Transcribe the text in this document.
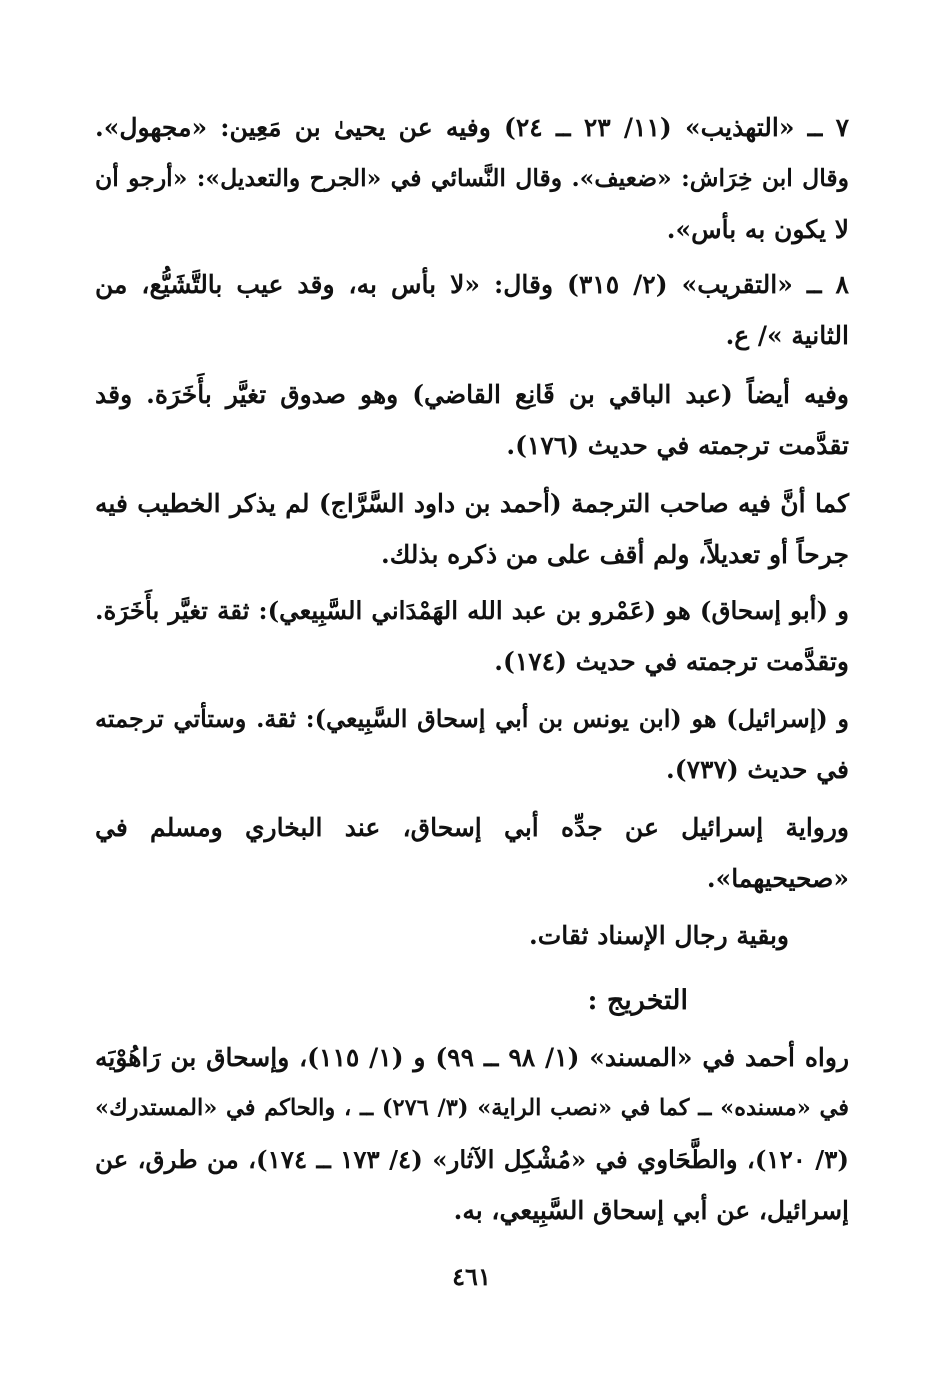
٧ ــ «التهذيب» (١١/ ٢٣ ــ ٢٤) وفيه عن يحيىٰ بن مَعِين: «مجهول».
وقال ابن خِرَاش: «ضعيف». وقال النَّسائي في «الجرح والتعديل»: «أرجو أن
لا يكون به بأس».
٨ ــ «التقريب» (٢/ ٣١٥) وقال: «لا بأس به، وقد عيب بالتَّشَيُّع، من
الثانية »/ ع.
وفيه أيضاً (عبد الباقي بن قَانِع القاضي) وهو صدوق تغيَّر بأَخَرَة. وقد
تقدَّمت ترجمته في حديث (١٧٦).
كما أنَّ فيه صاحب الترجمة (أحمد بن داود السَّرَّاج) لم يذكر الخطيب فيه
جرحاً أو تعديلاً، ولم أقف على من ذكره بذلك.
و (أبو إسحاق) هو (عَمْرو بن عبد الله الهَمْدَاني السَّبِيعي): ثقة تغيَّر بأَخَرَة.
وتقدَّمت ترجمته في حديث (١٧٤).
و (إسرائيل) هو (ابن يونس بن أبي إسحاق السَّبِيعي): ثقة. وستأتي ترجمته
في حديث (٧٣٧).
ورواية إسرائيل عن جدِّه أبي إسحاق، عند البخاري ومسلم في
«صحيحيهما».
وبقية رجال الإسناد ثقات.
التخريج :
رواه أحمد في «المسند» (١/ ٩٨ ــ ٩٩) و (١/ ١١٥)، وإسحاق بن رَاهُوْيَه
في «مسنده» ــ كما في «نصب الراية» (٣/ ٢٧٦) ــ ، والحاكم في «المستدرك»
(٣/ ١٢٠)، والطَّحَاوي في «مُشْكِل الآثار» (٤/ ١٧٣ ــ ١٧٤)، من طرق، عن
إسرائيل، عن أبي إسحاق السَّبِيعي، به.
٤٦١
